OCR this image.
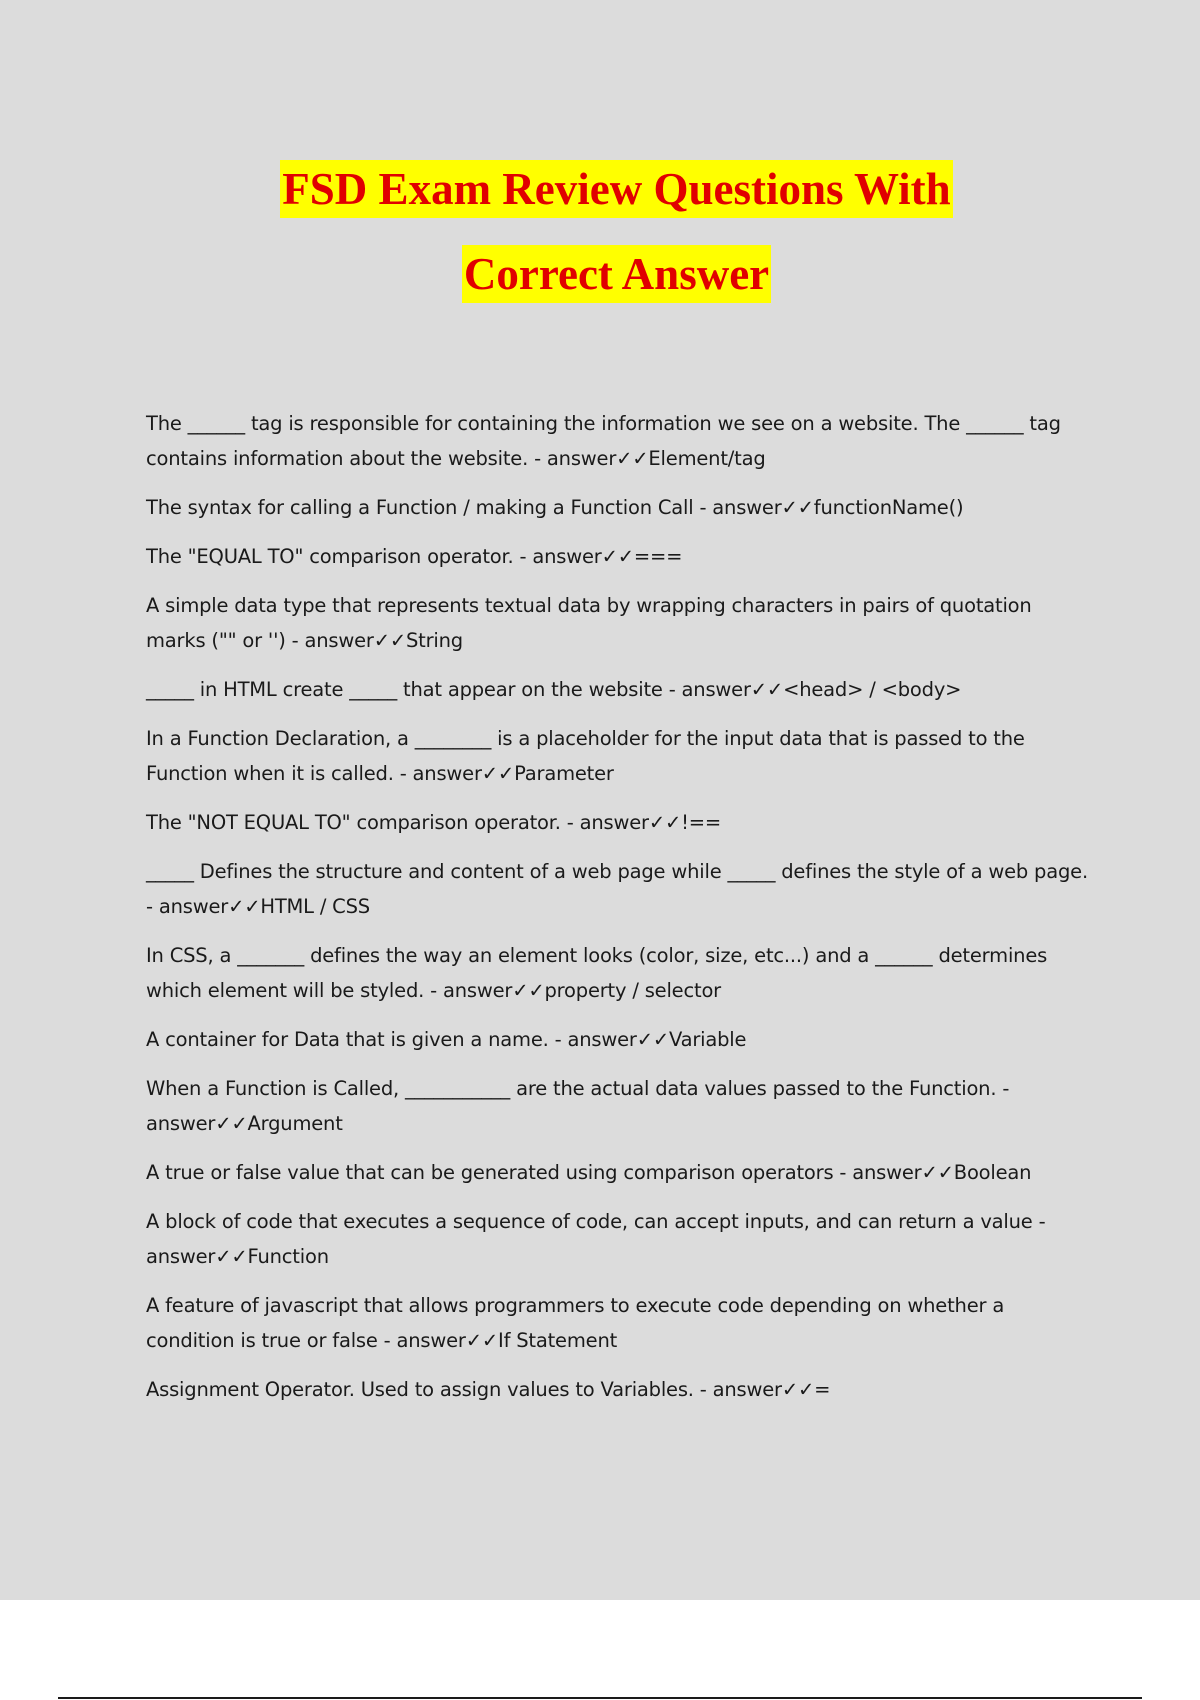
FSD Exam Review Questions With
Correct Answer

The ______ tag is responsible for containing the information we see on a website. The ______ tag contains information about the website. - answer✓✓Element/tag

The syntax for calling a Function / making a Function Call - answer✓✓functionName()

The "EQUAL TO" comparison operator. - answer✓✓===

A simple data type that represents textual data by wrapping characters in pairs of quotation marks ("" or '') - answer✓✓String

_____ in HTML create _____ that appear on the website - answer✓✓<head> / <body>

In a Function Declaration, a ________ is a placeholder for the input data that is passed to the Function when it is called. - answer✓✓Parameter

The "NOT EQUAL TO" comparison operator. - answer✓✓!==

_____ Defines the structure and content of a web page while _____ defines the style of a web page. - answer✓✓HTML / CSS

In CSS, a _______ defines the way an element looks (color, size, etc...) and a ______ determines which element will be styled. - answer✓✓property / selector

A container for Data that is given a name. - answer✓✓Variable

When a Function is Called, ___________ are the actual data values passed to the Function. - answer✓✓Argument

A true or false value that can be generated using comparison operators - answer✓✓Boolean

A block of code that executes a sequence of code, can accept inputs, and can return a value - answer✓✓Function

A feature of javascript that allows programmers to execute code depending on whether a condition is true or false - answer✓✓If Statement

Assignment Operator. Used to assign values to Variables. - answer✓✓=
